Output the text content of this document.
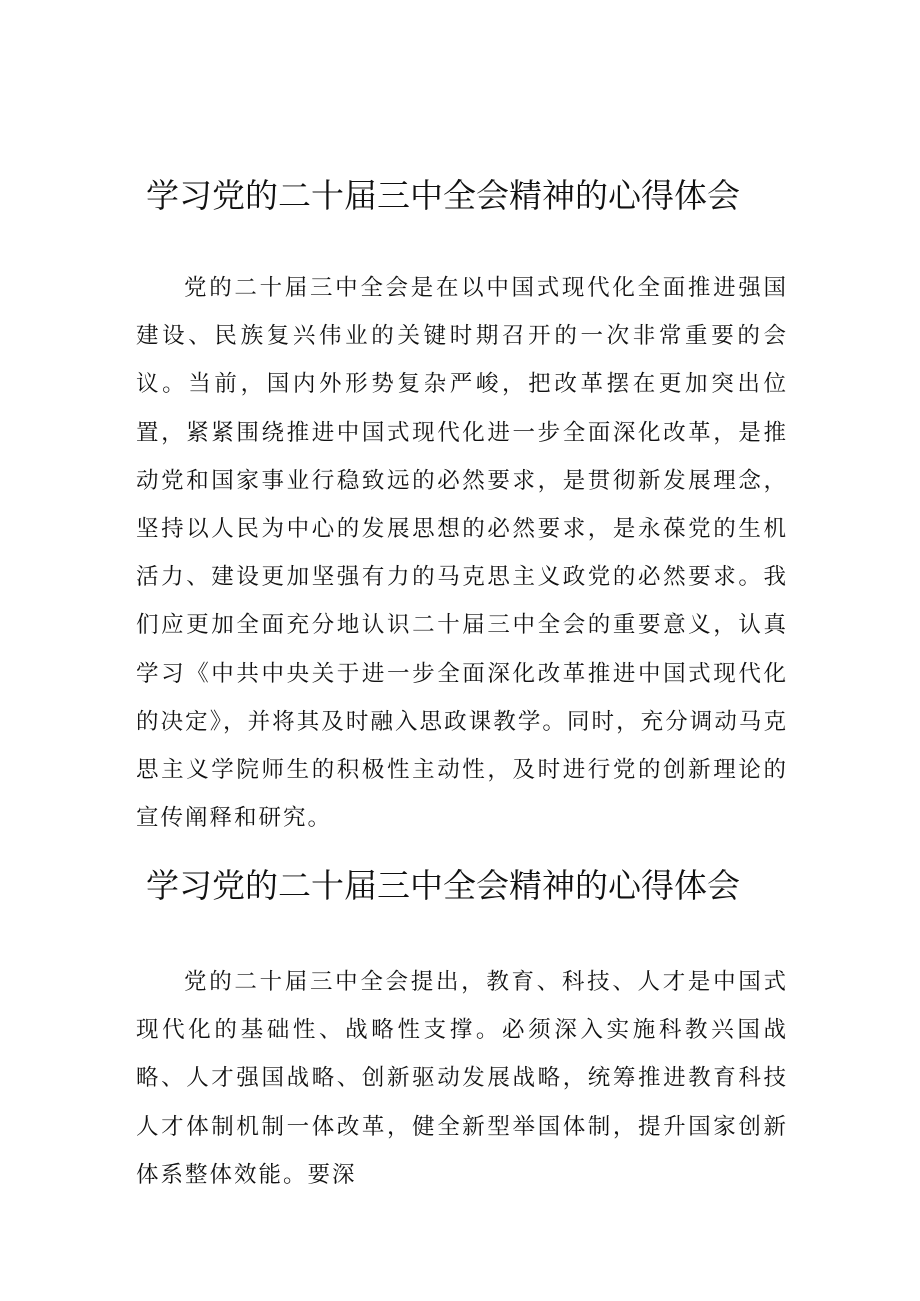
学习党的二十届三中全会精神的心得体会

党的二十届三中全会是在以中国式现代化全面推进强国建设、民族复兴伟业的关键时期召开的一次非常重要的会议。当前，国内外形势复杂严峻，把改革摆在更加突出位置，紧紧围绕推进中国式现代化进一步全面深化改革，是推动党和国家事业行稳致远的必然要求，是贯彻新发展理念，坚持以人民为中心的发展思想的必然要求，是永葆党的生机活力、建设更加坚强有力的马克思主义政党的必然要求。我们应更加全面充分地认识二十届三中全会的重要意义，认真学习《中共中央关于进一步全面深化改革推进中国式现代化的决定》，并将其及时融入思政课教学。同时，充分调动马克思主义学院师生的积极性主动性，及时进行党的创新理论的宣传阐释和研究。

学习党的二十届三中全会精神的心得体会

党的二十届三中全会提出，教育、科技、人才是中国式现代化的基础性、战略性支撑。必须深入实施科教兴国战略、人才强国战略、创新驱动发展战略，统筹推进教育科技人才体制机制一体改革，健全新型举国体制，提升国家创新体系整体效能。要深
